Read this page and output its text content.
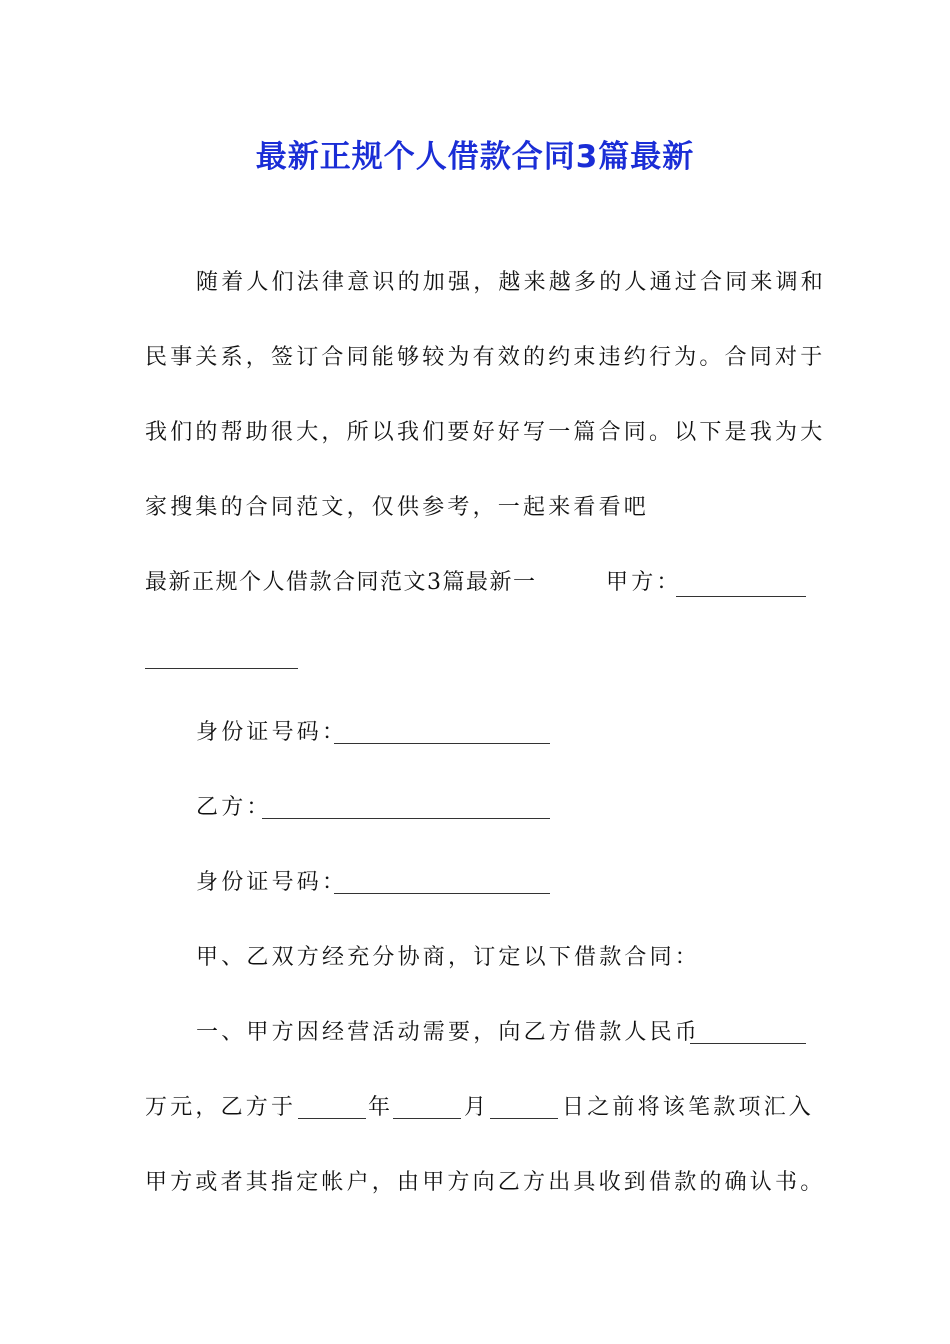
最新正规个人借款合同3篇最新
随着人们法律意识的加强，越来越多的人通过合同来调和
民事关系，签订合同能够较为有效的约束违约行为。合同对于
我们的帮助很大，所以我们要好好写一篇合同。以下是我为大
家搜集的合同范文，仅供参考，一起来看看吧
最新正规个人借款合同范文3篇最新一	甲方：
身份证号码：
乙方：
身份证号码：
甲、乙双方经充分协商，订定以下借款合同：
一、甲方因经营活动需要，向乙方借款人民币
万元，乙方于	年	月	日之前将该笔款项汇入
甲方或者其指定帐户，由甲方向乙方出具收到借款的确认书。
